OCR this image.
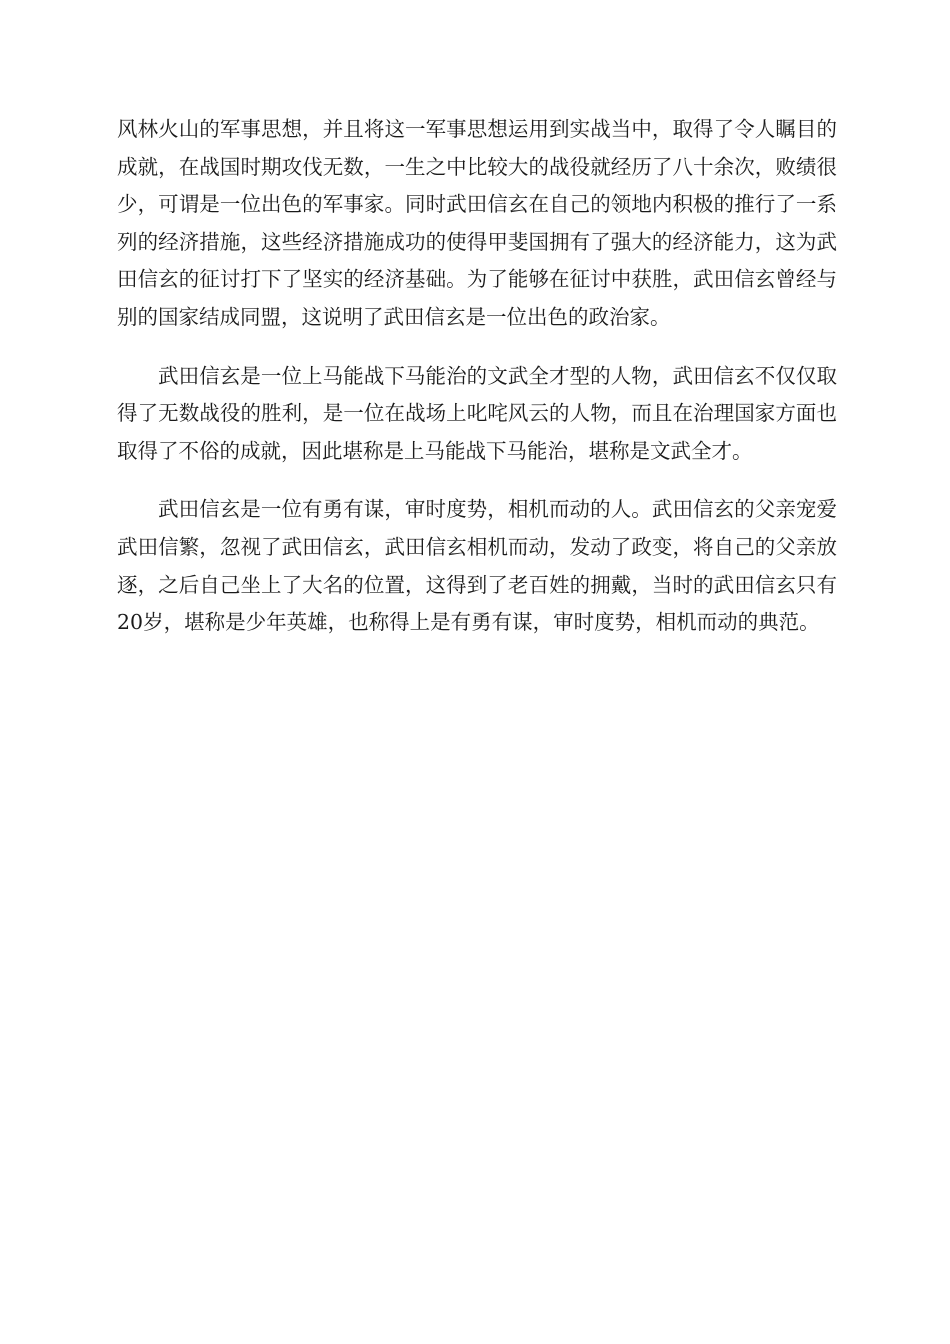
风林火山的军事思想，并且将这一军事思想运用到实战当中，取得了令人瞩目的成就，在战国时期攻伐无数，一生之中比较大的战役就经历了八十余次，败绩很少，可谓是一位出色的军事家。同时武田信玄在自己的领地内积极的推行了一系列的经济措施，这些经济措施成功的使得甲斐国拥有了强大的经济能力，这为武田信玄的征讨打下了坚实的经济基础。为了能够在征讨中获胜，武田信玄曾经与别的国家结成同盟，这说明了武田信玄是一位出色的政治家。

武田信玄是一位上马能战下马能治的文武全才型的人物，武田信玄不仅仅取得了无数战役的胜利，是一位在战场上叱咤风云的人物，而且在治理国家方面也取得了不俗的成就，因此堪称是上马能战下马能治，堪称是文武全才。

武田信玄是一位有勇有谋，审时度势，相机而动的人。武田信玄的父亲宠爱武田信繁，忽视了武田信玄，武田信玄相机而动，发动了政变，将自己的父亲放逐，之后自己坐上了大名的位置，这得到了老百姓的拥戴，当时的武田信玄只有20岁，堪称是少年英雄，也称得上是有勇有谋，审时度势，相机而动的典范。
